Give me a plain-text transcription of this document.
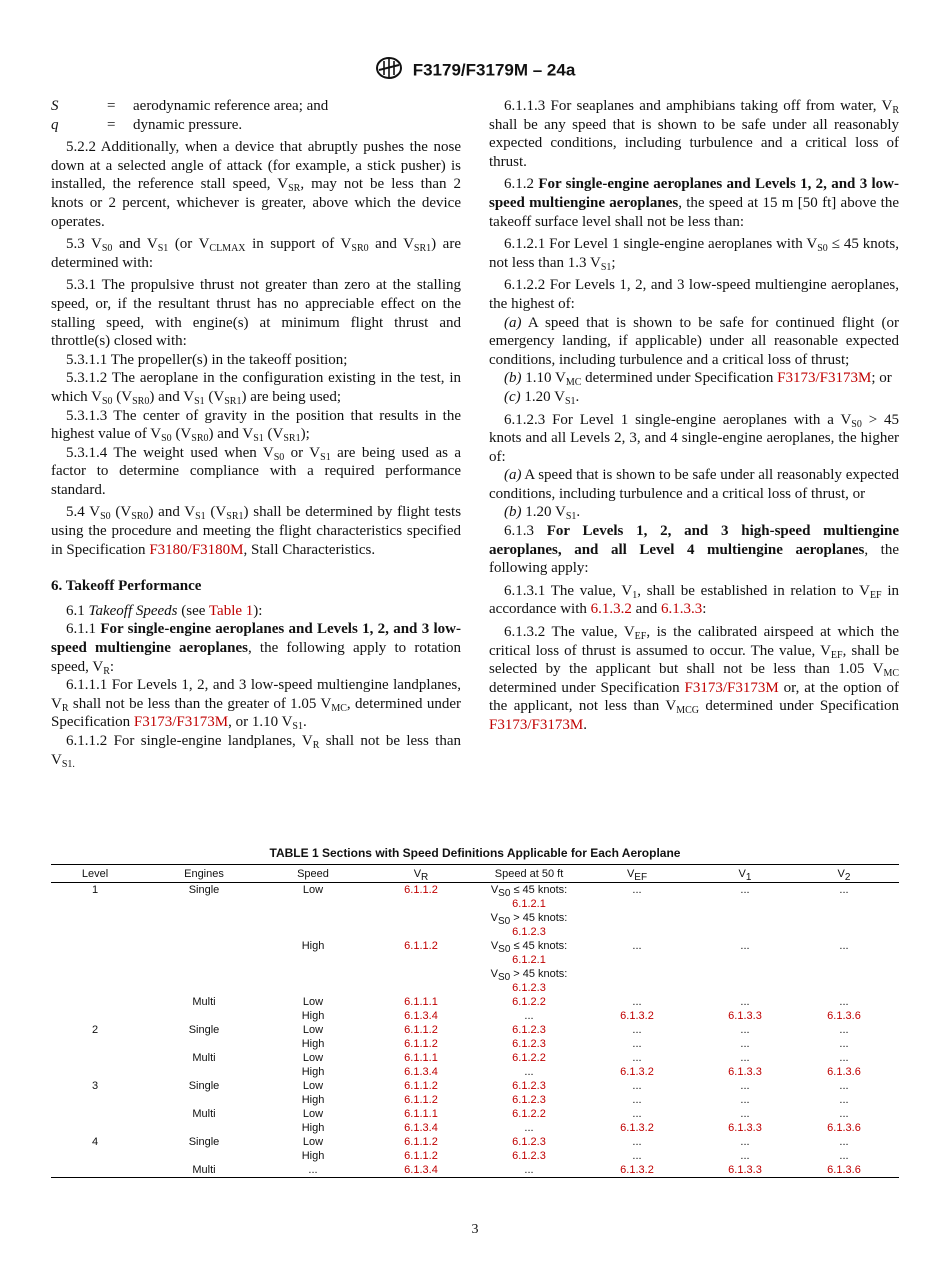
F3179/F3179M – 24a
S	=	aerodynamic reference area; and
q	=	dynamic pressure.

5.2.2 Additionally, when a device that abruptly pushes the nose down at a selected angle of attack (for example, a stick pusher) is installed, the reference stall speed, $V_{SR}$, may not be less than 2 knots or 2 percent, whichever is greater, above which the device operates.

5.3 $V_{S0}$ and $V_{S1}$ (or $V_{CLMAX}$ in support of $V_{SR0}$ and $V_{SR1}$) are determined with:

5.3.1 The propulsive thrust not greater than zero at the stalling speed, or, if the resultant thrust has no appreciable effect on the stalling speed, with engine(s) at minimum flight thrust and throttle(s) closed with:

5.3.1.1 The propeller(s) in the takeoff position;

5.3.1.2 The aeroplane in the configuration existing in the test, in which $V_{S0}$ $(V_{SR0})$ and $V_{S1}$ $(V_{SR1})$ are being used;

5.3.1.3 The center of gravity in the position that results in the highest value of $V_{S0}$ $(V_{SR0})$ and $V_{S1}$ $(V_{SR1})$;

5.3.1.4 The weight used when $V_{S0}$ or $V_{S1}$ are being used as a factor to determine compliance with a required performance standard.

5.4 $V_{S0}$ $(V_{SR0})$ and $V_{S1}$ $(V_{SR1})$ shall be determined by flight tests using the procedure and meeting the flight characteristics specified in Specification F3180/F3180M, Stall Characteristics.

6. Takeoff Performance

6.1 Takeoff Speeds (see Table 1):

6.1.1 For single-engine aeroplanes and Levels 1, 2, and 3 low-speed multiengine aeroplanes, the following apply to rotation speed, $V_R$:

6.1.1.1 For Levels 1, 2, and 3 low-speed multiengine landplanes, $V_R$ shall not be less than the greater of 1.05 $V_{MC}$, determined under Specification F3173/F3173M, or 1.10 $V_{S1}$.

6.1.1.2 For single-engine landplanes, $V_R$ shall not be less than $V_{S1.}$

6.1.1.3 For seaplanes and amphibians taking off from water, $V_R$ shall be any speed that is shown to be safe under all reasonably expected conditions, including turbulence and a critical loss of thrust.

6.1.2 For single-engine aeroplanes and Levels 1, 2, and 3 low-speed multiengine aeroplanes, the speed at 15 m [50 ft] above the takeoff surface level shall not be less than:

6.1.2.1 For Level 1 single-engine aeroplanes with $V_{S0} \le 45$ knots, not less than 1.3 $V_{S1}$;

6.1.2.2 For Levels 1, 2, and 3 low-speed multiengine aeroplanes, the highest of:

(a) A speed that is shown to be safe for continued flight (or emergency landing, if applicable) under all reasonable expected conditions, including turbulence and a critical loss of thrust;

(b) 1.10 $V_{MC}$ determined under Specification F3173/F3173M; or

(c) 1.20 $V_{S1}$.

6.1.2.3 For Level 1 single-engine aeroplanes with a $V_{S0} > 45$ knots and all Levels 2, 3, and 4 single-engine aeroplanes, the higher of:

(a) A speed that is shown to be safe under all reasonably expected conditions, including turbulence and a critical loss of thrust, or

(b) 1.20 $V_{S1}$.

6.1.3 For Levels 1, 2, and 3 high-speed multiengine aeroplanes, and all Level 4 multiengine aeroplanes, the following apply:

6.1.3.1 The value, $V_1$, shall be established in relation to $V_{EF}$ in accordance with 6.1.3.2 and 6.1.3.3:

6.1.3.2 The value, $V_{EF}$, is the calibrated airspeed at which the critical loss of thrust is assumed to occur. The value, $V_{EF}$, shall be selected by the applicant but shall not be less than 1.05 $V_{MC}$ determined under Specification F3173/F3173M or, at the option of the applicant, not less than $V_{MCG}$ determined under Specification F3173/F3173M.

TABLE 1 Sections with Speed Definitions Applicable for Each Aeroplane
Level	Engines	Speed	$V_R$	Speed at 50 ft	$V_{EF}$	$V_1$	$V_2$
1	Single	Low	6.1.1.2	$V_{S0} \le 45$ knots:
6.1.2.1
$V_{S0} > 45$ knots:
6.1.2.3	...	...	...
		High	6.1.1.2	$V_{S0} \le 45$ knots:
6.1.2.1
$V_{S0} > 45$ knots:
6.1.2.3	...	...	...
	Multi	Low	6.1.1.1	6.1.2.2	...	...	...
		High	6.1.3.4	...	6.1.3.2	6.1.3.3	6.1.3.6
2	Single	Low	6.1.1.2	6.1.2.3	...	...	...
		High	6.1.1.2	6.1.2.3	...	...	...
	Multi	Low	6.1.1.1	6.1.2.2	...	...	...
		High	6.1.3.4	...	6.1.3.2	6.1.3.3	6.1.3.6
3	Single	Low	6.1.1.2	6.1.2.3	...	...	...
		High	6.1.1.2	6.1.2.3	...	...	...
	Multi	Low	6.1.1.1	6.1.2.2	...	...	...
		High	6.1.3.4	...	6.1.3.2	6.1.3.3	6.1.3.6
4	Single	Low	6.1.1.2	6.1.2.3	...	...	...
		High	6.1.1.2	6.1.2.3	...	...	...
	Multi	...	6.1.3.4	...	6.1.3.2	6.1.3.3	6.1.3.6
3
